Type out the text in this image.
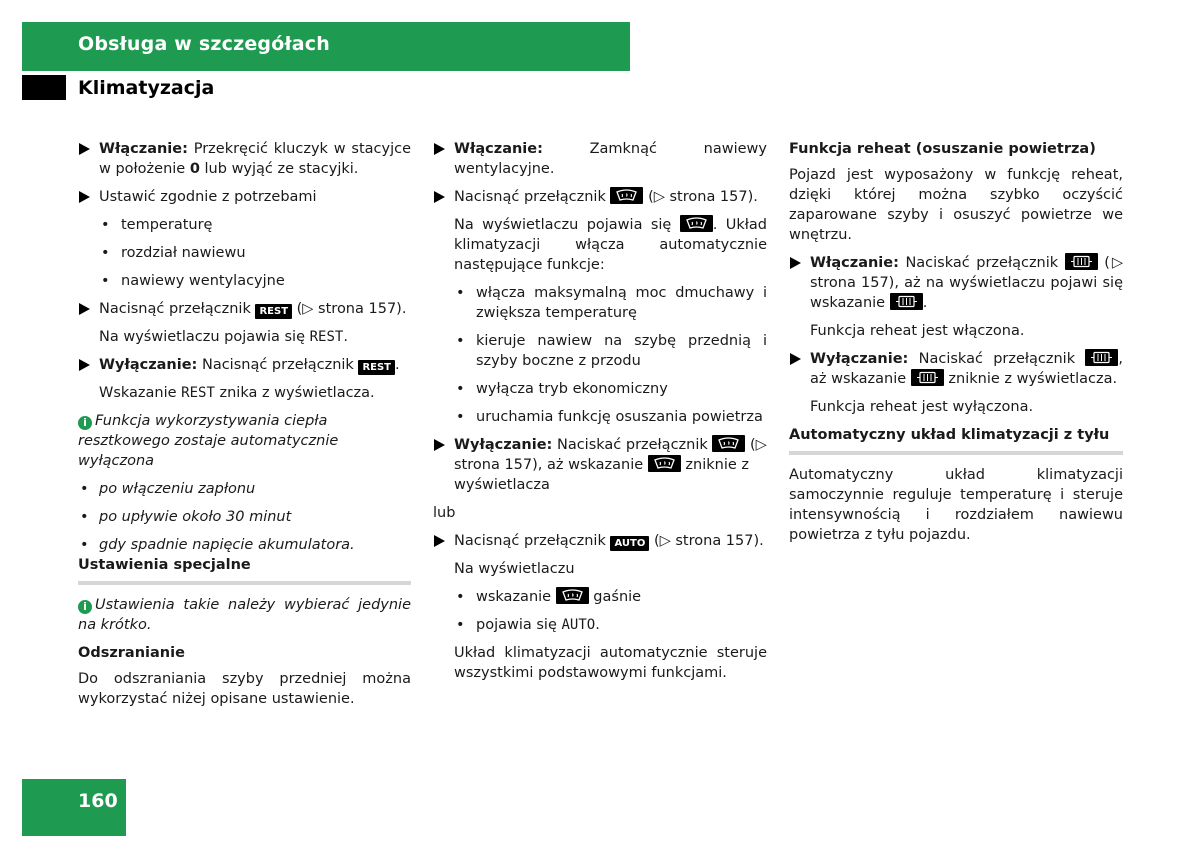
Obsługa w szczegółach
Klimatyzacja
Włączanie: Przekręcić kluczyk w stacyjce w położenie 0 lub wyjąć ze stacyjki.
Ustawić zgodnie z potrzebami
• temperaturę
• rozdział nawiewu
• nawiewy wentylacyjne
Nacisnąć przełącznik REST (▷ strona 157).
Na wyświetlaczu pojawia się REST.
Wyłączanie: Nacisnąć przełącznik REST .
Wskazanie REST znika z wyświetlacza.
i Funkcja wykorzystywania ciepła resztkowego zostaje automatycznie wyłączona
• po włączeniu zapłonu
• po upływie około 30 minut
• gdy spadnie napięcie akumulatora.
Ustawienia specjalne
i Ustawienia takie należy wybierać jedynie na krótko.
Odszranianie
Do odszraniania szyby przedniej można wykorzystać niżej opisane ustawienie.
Włączanie: Zamknąć nawiewy wentylacyjne.
Nacisnąć przełącznik
(▷ strona 157).
Na wyświetlaczu pojawia się
. Układ klimatyzacji włącza automatycznie następujące funkcje:
• włącza maksymalną moc dmuchawy i zwiększa temperaturę
• kieruje nawiew na szybę przednią i szyby boczne z przodu
• wyłącza tryb ekonomiczny
• uruchamia funkcję osuszania powietrza
Wyłączanie: Naciskać przełącznik
(▷ strona 157), aż wskazanie
zniknie z wyświetlacza
lub
Nacisnąć przełącznik AUTO (▷ strona 157).
Na wyświetlaczu
• wskazanie
gaśnie
• pojawia się AUTO.
Układ klimatyzacji automatycznie steruje wszystkimi podstawowymi funkcjami.
Funkcja reheat (osuszanie powietrza)
Pojazd jest wyposażony w funkcję reheat, dzięki której można szybko oczyścić zaparowane szyby i osuszyć powietrze we wnętrzu.
Włączanie: Naciskać przełącznik
(▷ strona 157), aż na wyświetlaczu pojawi się wskazanie
.
Funkcja reheat jest włączona.
Wyłączanie: Naciskać przełącznik
, aż wskazanie
zniknie z wyświetlacza.
Funkcja reheat jest wyłączona.
Automatyczny układ klimatyzacji z tyłu
Automatyczny układ klimatyzacji samoczynnie reguluje temperaturę i steruje intensywnością i rozdziałem nawiewu powietrza z tyłu pojazdu.
160
